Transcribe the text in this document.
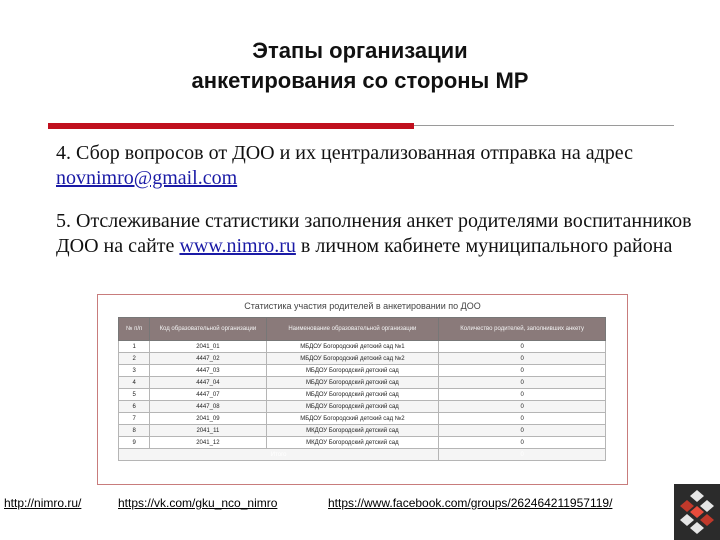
Этапы организации
анкетирования со стороны МР
4. Сбор вопросов от ДОО и их централизованная отправка на адрес novnimro@gmail.com
5. Отслеживание статистики заполнения анкет родителями воспитанников ДОО на сайте www.nimro.ru в личном кабинете муниципального района
Статистика участия родителей в анкетировании по ДОО
№ п/п	Код образовательной организации	Наименование образовательной организации	Количество родителей, заполнивших анкету
1	2041_01	МБДОУ Богородский детский сад №1	0
2	4447_02	МБДОУ Богородский детский сад №2	0
3	4447_03	МБДОУ Богородский детский сад	0
4	4447_04	МБДОУ Богородский детский сад	0
5	4447_07	МБДОУ Богородский детский сад	0
6	4447_08	МБДОУ Богородский детский сад	0
7	2041_09	МБДОУ Богородский детский сад №2	0
8	2041_11	МКДОУ Богородский детский сад	0
9	2041_12	МКДОУ Богородский детский сад	0
Итого			0
http://nimro.ru/	https://vk.com/gku_nco_nimro	https://www.facebook.com/groups/262464211957119/
